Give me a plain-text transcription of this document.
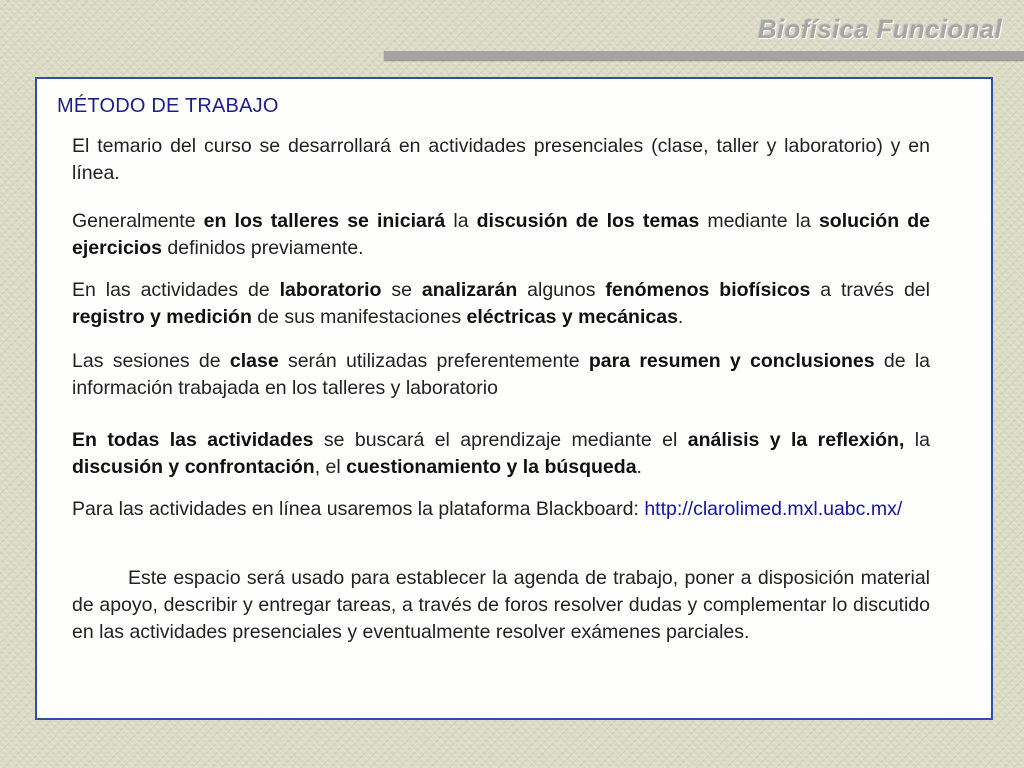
Biofísica Funcional
MÉTODO DE TRABAJO

El temario del curso se desarrollará en actividades presenciales (clase, taller y laboratorio) y en línea.

Generalmente en los talleres se iniciará la discusión de los temas mediante la solución de ejercicios definidos previamente.

En las actividades de laboratorio se analizarán algunos fenómenos biofísicos a través del registro y medición de sus manifestaciones eléctricas y mecánicas.

Las sesiones de clase serán utilizadas preferentemente para resumen y conclusiones de la información trabajada en los talleres y laboratorio

En todas las actividades se buscará el aprendizaje mediante el análisis y la reflexión, la discusión y confrontación, el cuestionamiento y la búsqueda.

Para las actividades en línea usaremos la plataforma Blackboard: http://clarolimed.mxl.uabc.mx/

Este espacio será usado para establecer la agenda de trabajo, poner a disposición material de apoyo, describir y entregar tareas, a través de foros resolver dudas y complementar lo discutido en las actividades presenciales y eventualmente resolver exámenes parciales.
